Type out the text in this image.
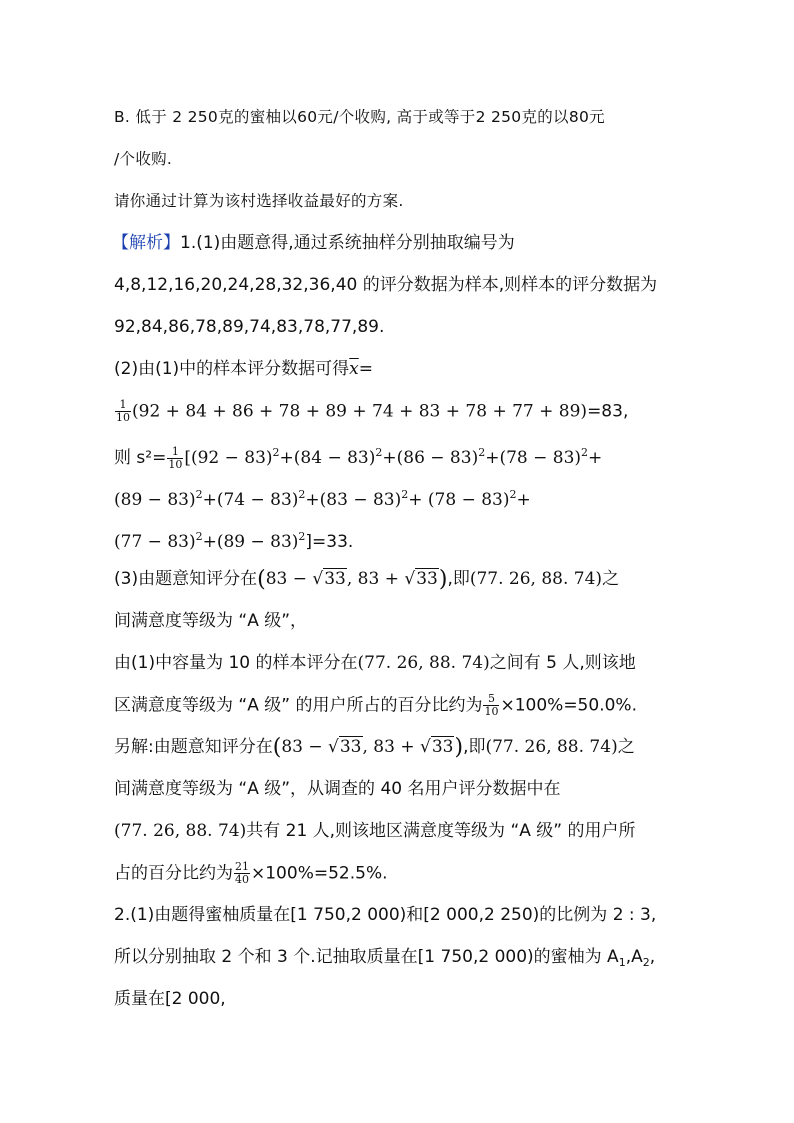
B. 低于 2 250克的蜜柚以60元/个收购, 高于或等于2 250克的以80元
/个收购.
请你通过计算为该村选择收益最好的方案.
【解析】1.(1)由题意得,通过系统抽样分别抽取编号为
4,8,12,16,20,24,28,32,36,40 的评分数据为样本,则样本的评分数据为
92,84,86,78,89,74,83,78,77,89.
(2)由(1)中的样本评分数据可得$\overline{x}=$
$\frac{1}{10} (92 + 84 + 86 + 78 + 89 + 74 + 83 + 78 + 77 + 89)=83$,
则 $s^2= \frac{1}{10} [(92 - 83)^2+(84 - 83)^2+(86 - 83)^2+(78 - 83)^2+$
$(89 - 83)^2+(74 - 83)^2+(83 - 83)^2+ (78 - 83)^2+$
$(77 - 83)^2+(89 - 83)^2]=33$.
(3)由题意知评分在(83 − √33, 83 + √33),即(77. 26, 88. 74)之
间满意度等级为 “A 级”，
由(1)中容量为 10 的样本评分在(77. 26, 88. 74)之间有 5 人,则该地
区满意度等级为 “A 级” 的用户所占的百分比约为 $\frac{5}{10} \times 100\%=50.0\%$.
另解:由题意知评分在(83 − √33, 83 + √33),即(77. 26, 88. 74)之
间满意度等级为 “A 级”，从调查的 40 名用户评分数据中在
(77. 26, 88. 74)共有 21 人,则该地区满意度等级为 “A 级” 的用户所
占的百分比约为 $\frac{21}{40} \times 100\%=52.5\%$.
2.(1)由题得蜜柚质量在[1 750,2 000)和[2 000,2 250)的比例为 2 : 3,
所以分别抽取 2 个和 3 个.记抽取质量在[1 750,2 000)的蜜柚为 $A_1,A_2$,
质量在[2 000,
